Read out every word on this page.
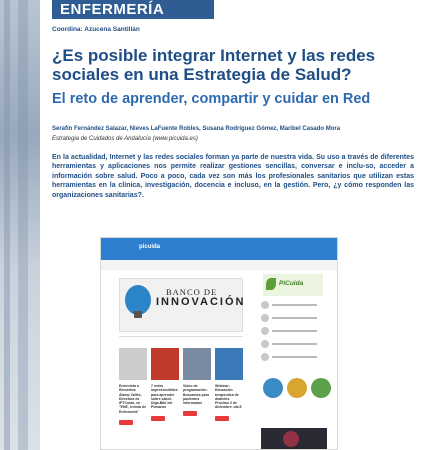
ENFERMERÍA
Coordina: Azucena Santillán
¿Es posible integrar Internet y las redes sociales en una Estrategia de Salud?
El reto de aprender, compartir y cuidar en Red
Serafín Fernández Salazar, Nieves LaFuente Robles, Susana Rodríguez Gómez, Maribel Casado Mora
Estrategia de Cuidados de Andalucía (www.picuida.es)

En la actualidad, Internet y las redes sociales forman ya parte de nuestra vida. Su uso a través de diferentes herramientas y aplicaciones nos permite realizar gestiones sencillas, conversar e inclu-so, acceder a información sobre salud. Poco a poco, cada vez son más los profesionales sanitarios que utilizan estas herramientas en la clínica, investigación, docencia e incluso, en la gestión. Pero, ¿y cómo responden las organizaciones sanitarias?.

picuida
BANCO DE
INNOVACIÓN
PiCuida
Entrevista a Remedios Álamo Vallés, Directora de IPTCuida, en "ENE, revista de Enfermería"
7 redes imprescindibles para aprender sobre salud: Diga-Bibl del Pomarón
Video de programación: Buscamos para pacientes informados
Webinar: Educación terapéutica de diabetes. Próximo 2 de diciembre, día E
